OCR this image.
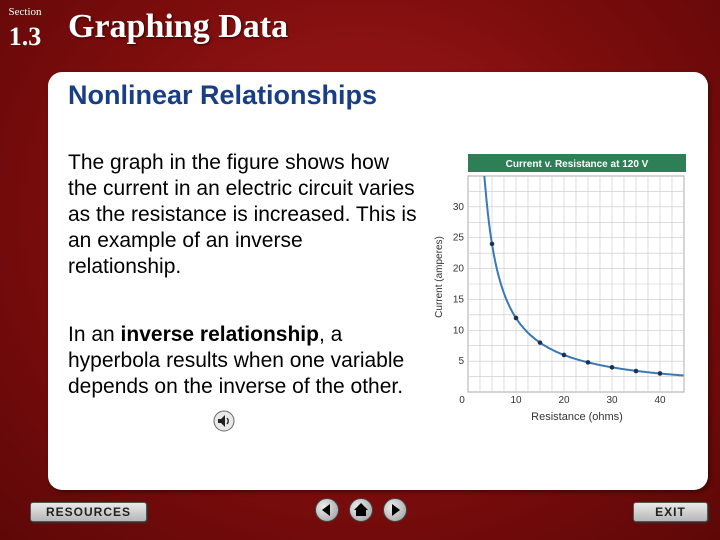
Section
1.3 Graphing Data
Nonlinear Relationships

The graph in the figure shows how the current in an electric circuit varies as the resistance is increased. This is an example of an inverse relationship.

In an inverse relationship, a hyperbola results when one variable depends on the inverse of the other.

Current v. Resistance at 120 V
0	10	20	30	40
10
15
20
25
30
5
Current (amperes)
Resistance (ohms)
RESOURCES	EXIT
